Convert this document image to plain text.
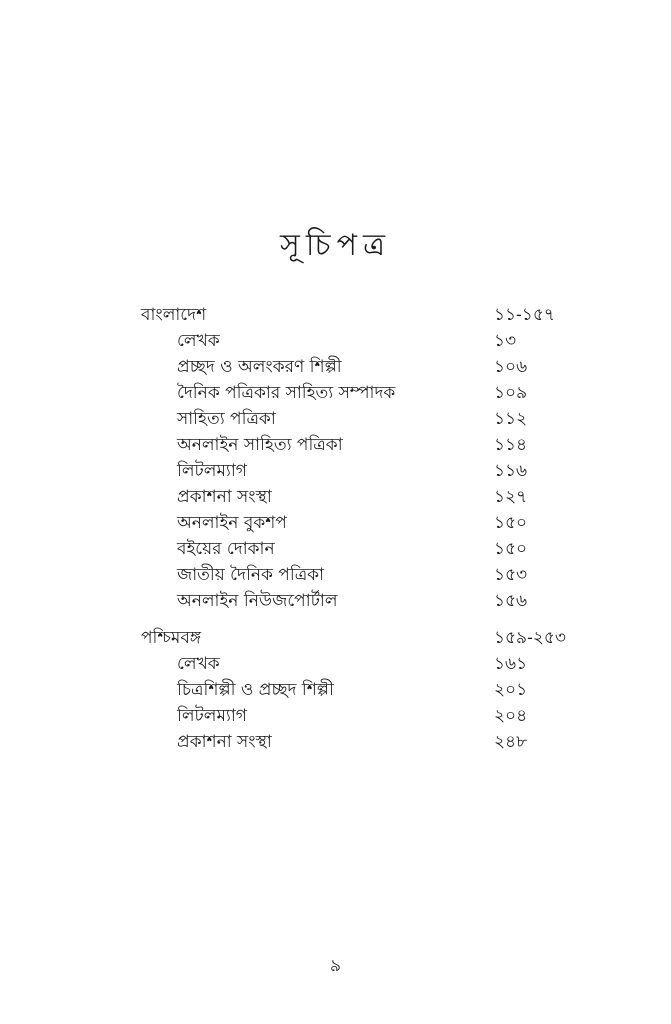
সূচিপত্র
বাংলাদেশ	১১-১৫৭
লেখক	১৩
প্রচ্ছদ ও অলংকরণ শিল্পী	১০৬
দৈনিক পত্রিকার সাহিত্য সম্পাদক	১০৯
সাহিত্য পত্রিকা	১১২
অনলাইন সাহিত্য পত্রিকা	১১৪
লিটলম্যাগ	১১৬
প্রকাশনা সংস্থা	১২৭
অনলাইন বুকশপ	১৫০
বইয়ের দোকান	১৫০
জাতীয় দৈনিক পত্রিকা	১৫৩
অনলাইন নিউজপোর্টাল	১৫৬
পশ্চিমবঙ্গ	১৫৯-২৫৩
লেখক	১৬১
চিত্রশিল্পী ও প্রচ্ছদ শিল্পী	২০১
লিটলম্যাগ	২০৪
প্রকাশনা সংস্থা	২৪৮
৯
